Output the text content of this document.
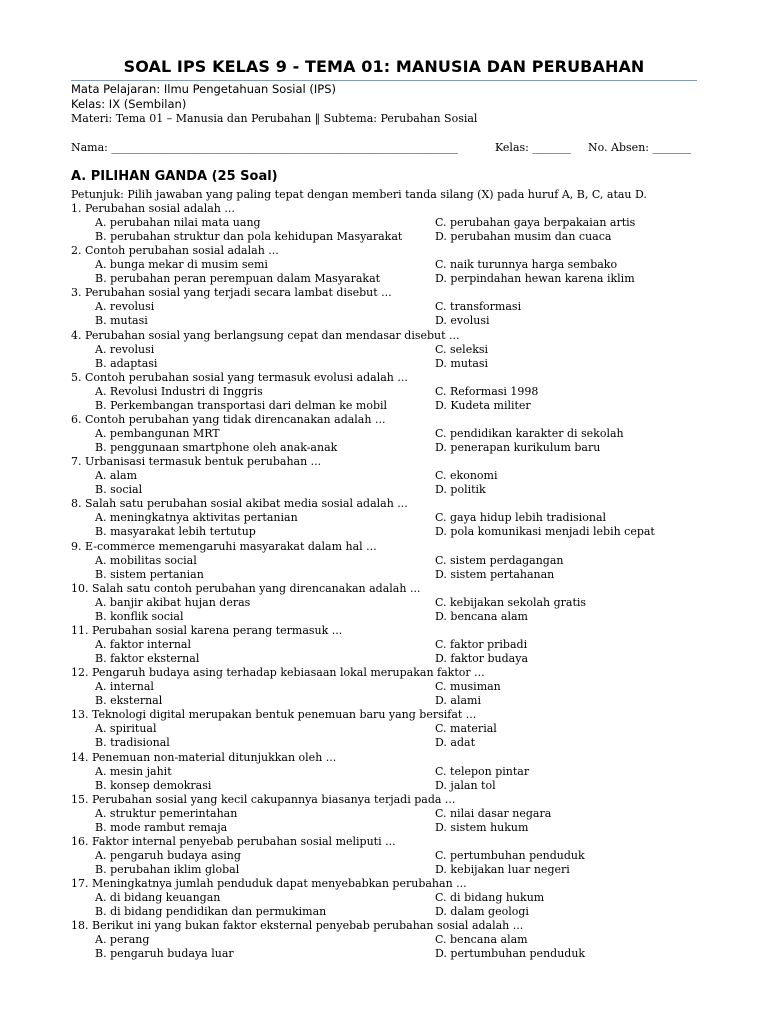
SOAL IPS KELAS 9 - TEMA 01: MANUSIA DAN PERUBAHAN
Mata Pelajaran: Ilmu Pengetahuan Sosial (IPS)
Kelas: IX (Sembilan)
Materi: Tema 01 – Manusia dan Perubahan ‖ Subtema: Perubahan Sosial
Nama: _______________________________________________________________	Kelas: _______ No. Absen: _______
A. PILIHAN GANDA (25 Soal)
Petunjuk: Pilih jawaban yang paling tepat dengan memberi tanda silang (X) pada huruf A, B, C, atau D.
1. Perubahan sosial adalah ...
A. perubahan nilai mata uang
B. perubahan struktur dan pola kehidupan Masyarakat
C. perubahan gaya berpakaian artis
D. perubahan musim dan cuaca
2. Contoh perubahan sosial adalah ...
A. bunga mekar di musim semi
B. perubahan peran perempuan dalam Masyarakat
C. naik turunnya harga sembako
D. perpindahan hewan karena iklim
3. Perubahan sosial yang terjadi secara lambat disebut ...
A. revolusi
B. mutasi
C. transformasi
D. evolusi
4. Perubahan sosial yang berlangsung cepat dan mendasar disebut ...
A. revolusi
B. adaptasi
C. seleksi
D. mutasi
5. Contoh perubahan sosial yang termasuk evolusi adalah ...
A. Revolusi Industri di Inggris
B. Perkembangan transportasi dari delman ke mobil
C. Reformasi 1998
D. Kudeta militer
6. Contoh perubahan yang tidak direncanakan adalah ...
A. pembangunan MRT
B. penggunaan smartphone oleh anak-anak
C. pendidikan karakter di sekolah
D. penerapan kurikulum baru
7. Urbanisasi termasuk bentuk perubahan ...
A. alam
B. social
C. ekonomi
D. politik
8. Salah satu perubahan sosial akibat media sosial adalah ...
A. meningkatnya aktivitas pertanian
B. masyarakat lebih tertutup
C. gaya hidup lebih tradisional
D. pola komunikasi menjadi lebih cepat
9. E-commerce memengaruhi masyarakat dalam hal ...
A. mobilitas social
B. sistem pertanian
C. sistem perdagangan
D. sistem pertahanan
10. Salah satu contoh perubahan yang direncanakan adalah ...
A. banjir akibat hujan deras
B. konflik social
C. kebijakan sekolah gratis
D. bencana alam
11. Perubahan sosial karena perang termasuk ...
A. faktor internal
B. faktor eksternal
C. faktor pribadi
D. faktor budaya
12. Pengaruh budaya asing terhadap kebiasaan lokal merupakan faktor ...
A. internal
B. eksternal
C. musiman
D. alami
13. Teknologi digital merupakan bentuk penemuan baru yang bersifat ...
A. spiritual
B. tradisional
C. material
D. adat
14. Penemuan non-material ditunjukkan oleh ...
A. mesin jahit
B. konsep demokrasi
C. telepon pintar
D. jalan tol
15. Perubahan sosial yang kecil cakupannya biasanya terjadi pada ...
A. struktur pemerintahan
B. mode rambut remaja
C. nilai dasar negara
D. sistem hukum
16. Faktor internal penyebab perubahan sosial meliputi ...
A. pengaruh budaya asing
B. perubahan iklim global
C. pertumbuhan penduduk
D. kebijakan luar negeri
17. Meningkatnya jumlah penduduk dapat menyebabkan perubahan ...
A. di bidang keuangan
B. di bidang pendidikan dan permukiman
C. di bidang hukum
D. dalam geologi
18. Berikut ini yang bukan faktor eksternal penyebab perubahan sosial adalah ...
A. perang
B. pengaruh budaya luar
C. bencana alam
D. pertumbuhan penduduk
